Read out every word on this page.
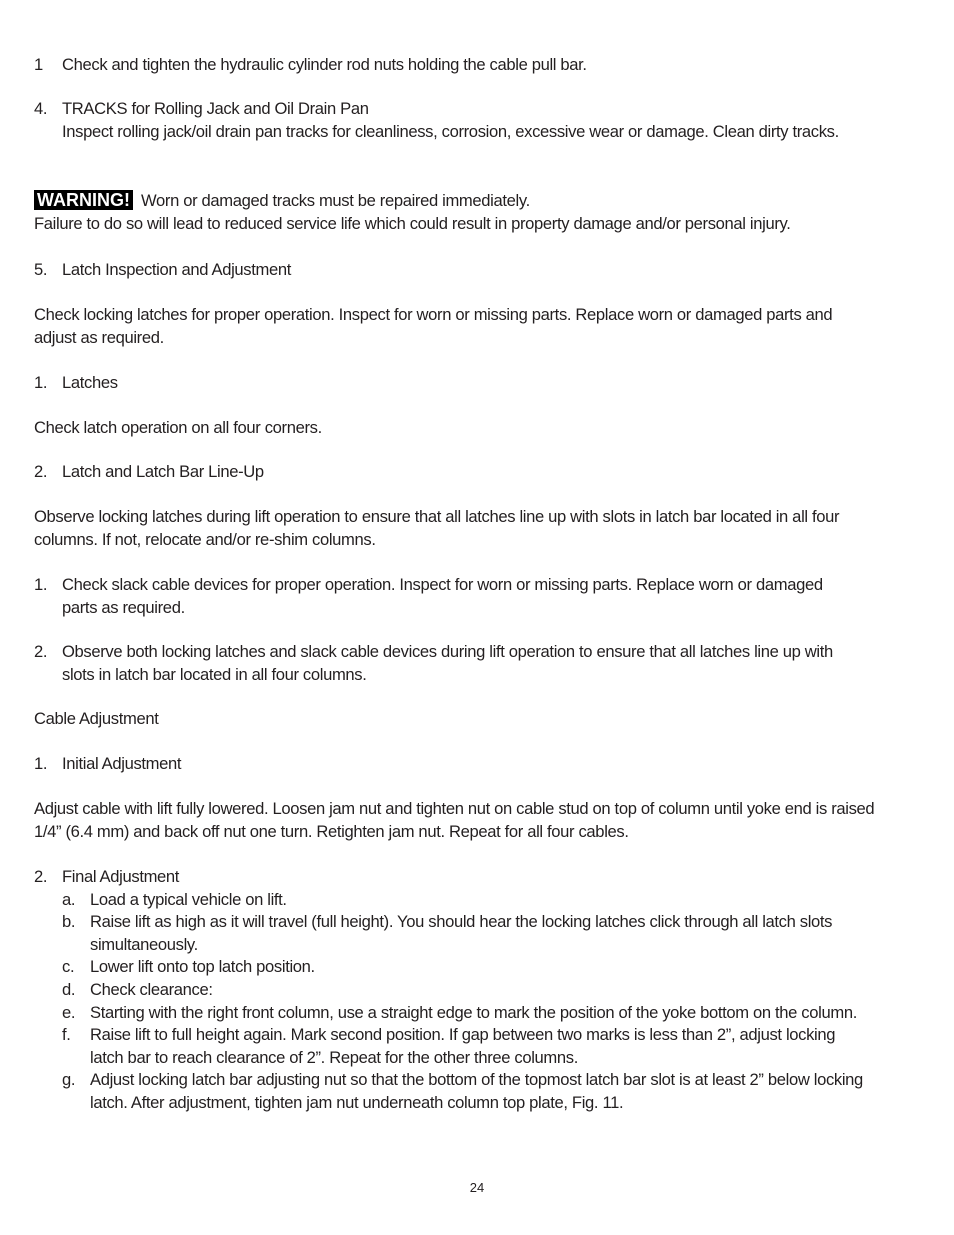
1 Check and tighten the hydraulic cylinder rod nuts holding the cable pull bar.
4. TRACKS for Rolling Jack and Oil Drain Pan
Inspect rolling jack/oil drain pan tracks for cleanliness, corrosion, excessive wear or damage. Clean dirty tracks.
WARNING! Worn or damaged tracks must be repaired immediately.
Failure to do so will lead to reduced service life which could result in property damage and/or personal injury.
5. Latch Inspection and Adjustment
Check locking latches for proper operation. Inspect for worn or missing parts. Replace worn or damaged parts and adjust as required.
1. Latches
Check latch operation on all four corners.
2. Latch and Latch Bar Line-Up
Observe locking latches during lift operation to ensure that all latches line up with slots in latch bar located in all four columns. If not, relocate and/or re-shim columns.
1. Check slack cable devices for proper operation. Inspect for worn or missing parts. Replace worn or damaged parts as required.
2. Observe both locking latches and slack cable devices during lift operation to ensure that all latches line up with slots in latch bar located in all four columns.
Cable Adjustment
1. Initial Adjustment
Adjust cable with lift fully lowered. Loosen jam nut and tighten nut on cable stud on top of column until yoke end is raised 1/4” (6.4 mm) and back off nut one turn. Retighten jam nut. Repeat for all four cables.
2. Final Adjustment
a. Load a typical vehicle on lift.
b. Raise lift as high as it will travel (full height). You should hear the locking latches click through all latch slots simultaneously.
c. Lower lift onto top latch position.
d. Check clearance:
e. Starting with the right front column, use a straight edge to mark the position of the yoke bottom on the column.
f. Raise lift to full height again. Mark second position. If gap between two marks is less than 2”, adjust locking latch bar to reach clearance of 2”. Repeat for the other three columns.
g. Adjust locking latch bar adjusting nut so that the bottom of the topmost latch bar slot is at least 2” below locking latch. After adjustment, tighten jam nut underneath column top plate, Fig. 11.
24
